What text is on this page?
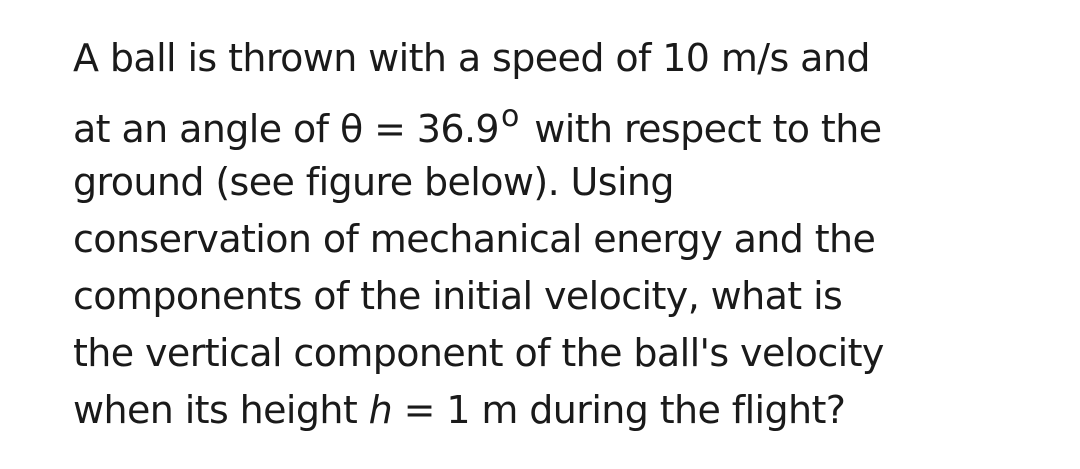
A ball is thrown with a speed of 10 m/s and
at an angle of $\theta = 36.9^o$ with respect to the
ground (see figure below). Using
conservation of mechanical energy and the
components of the initial velocity, what is
the vertical component of the ball's velocity
when its height h = 1 m during the flight?
